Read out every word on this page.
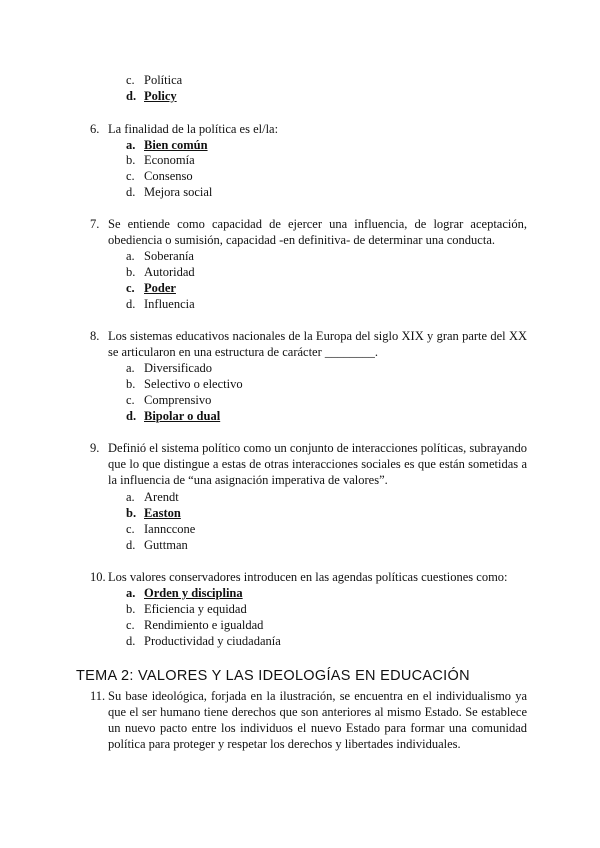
c. Política
d. Policy
6. La finalidad de la política es el/la:
a. Bien común
b. Economía
c. Consenso
d. Mejora social
7. Se entiende como capacidad de ejercer una influencia, de lograr aceptación, obediencia o sumisión, capacidad -en definitiva- de determinar una conducta.
a. Soberanía
b. Autoridad
c. Poder
d. Influencia
8. Los sistemas educativos nacionales de la Europa del siglo XIX y gran parte del XX se articularon en una estructura de carácter ________.
a. Diversificado
b. Selectivo o electivo
c. Comprensivo
d. Bipolar o dual
9. Definió el sistema político como un conjunto de interacciones políticas, subrayando que lo que distingue a estas de otras interacciones sociales es que están sometidas a la influencia de “una asignación imperativa de valores”.
a. Arendt
b. Easton
c. Iannccone
d. Guttman
10. Los valores conservadores introducen en las agendas políticas cuestiones como:
a. Orden y disciplina
b. Eficiencia y equidad
c. Rendimiento e igualdad
d. Productividad y ciudadanía
TEMA 2: VALORES Y LAS IDEOLOGÍAS EN EDUCACIÓN
11. Su base ideológica, forjada en la ilustración, se encuentra en el individualismo ya que el ser humano tiene derechos que son anteriores al mismo Estado. Se establece un nuevo pacto entre los individuos el nuevo Estado para formar una comunidad política para proteger y respetar los derechos y libertades individuales.
